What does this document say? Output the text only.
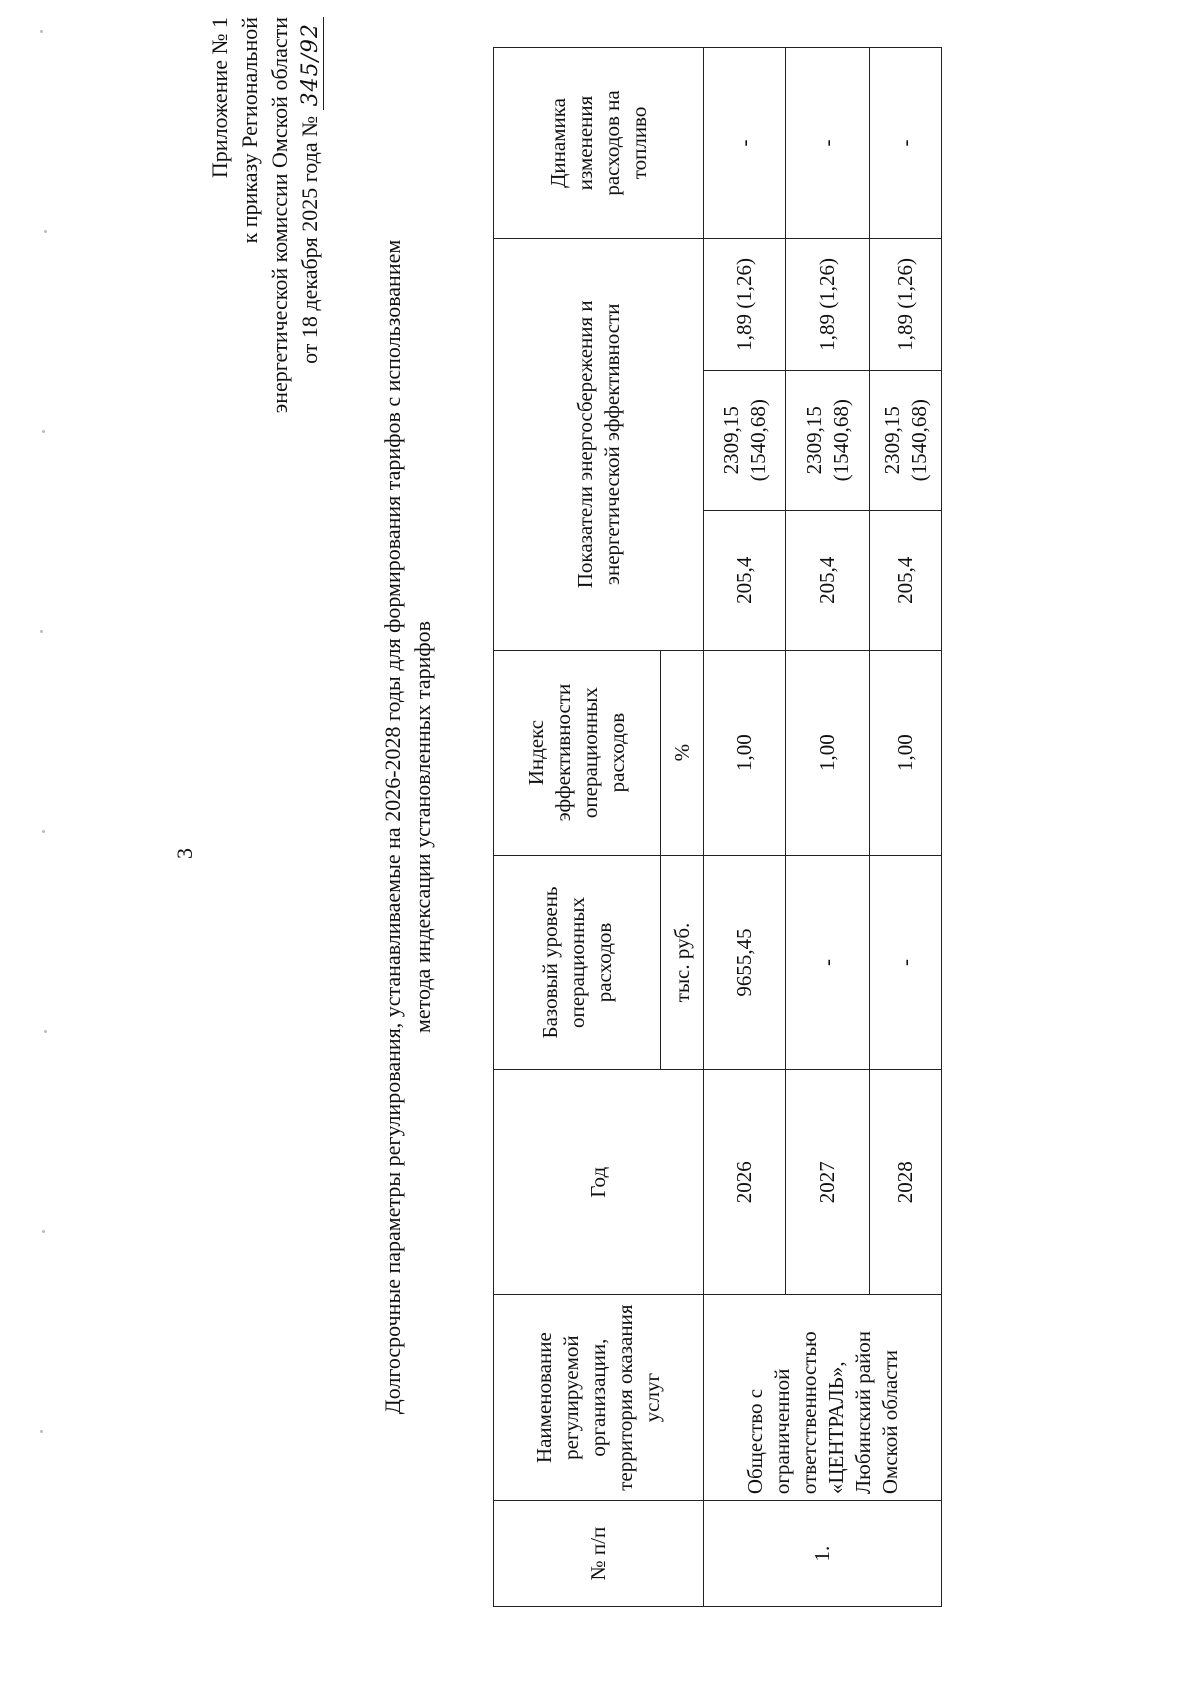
3
Приложение № 1 к приказу Региональной энергетической комиссии Омской области от 18 декабря 2025 года № 345/92
Долгосрочные параметры регулирования, устанавливаемые на 2026-2028 годы для формирования тарифов с использованием метода индексации установленных тарифов
№ п/п	Наименование регулируемой организации, территория оказания услуг	Год	Базовый уровень операционных расходов	Индекс эффективности операционных расходов	Показатели энергосбережения и энергетической эффективности			Динамика изменения расходов на топливо
			тыс. руб.	%				
1.	Общество с ограниченной ответственностью «ЦЕНТРАЛЬ», Любинский район Омской области	2026	9655,45	1,00	205,4	2309,15 (1540,68)	1,89 (1,26)	-
		2027	-	1,00	205,4	2309,15 (1540,68)	1,89 (1,26)	-
		2028	-	1,00	205,4	2309,15 (1540,68)	1,89 (1,26)	-
